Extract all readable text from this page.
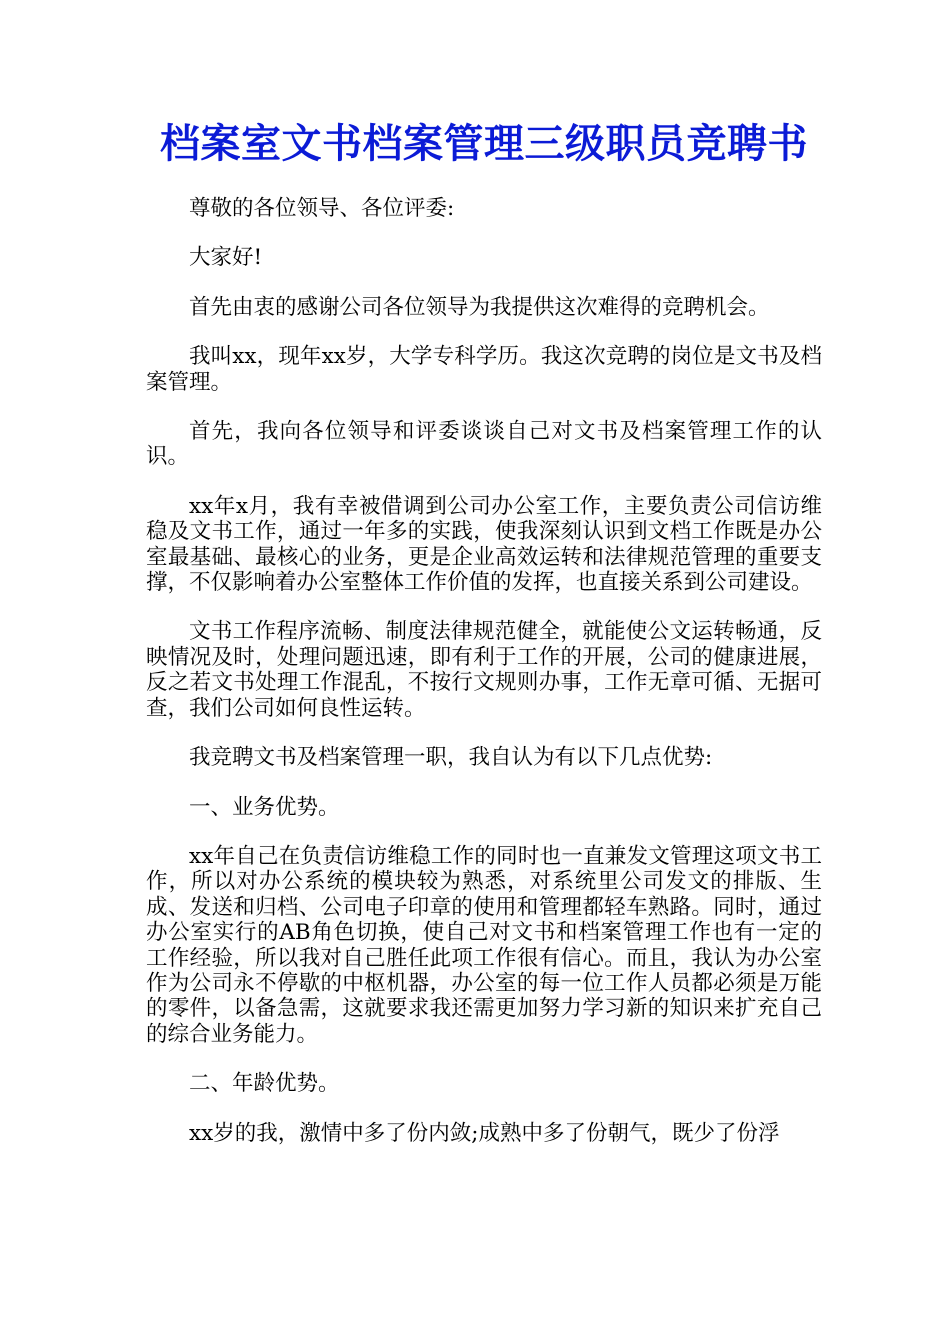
档案室文书档案管理三级职员竞聘书

尊敬的各位领导、各位评委:

大家好!

首先由衷的感谢公司各位领导为我提供这次难得的竞聘机会。

我叫xx，现年xx岁，大学专科学历。我这次竞聘的岗位是文书及档案管理。

首先，我向各位领导和评委谈谈自己对文书及档案管理工作的认识。

xx年x月，我有幸被借调到公司办公室工作，主要负责公司信访维稳及文书工作，通过一年多的实践，使我深刻认识到文档工作既是办公室最基础、最核心的业务，更是企业高效运转和法律规范管理的重要支撑，不仅影响着办公室整体工作价值的发挥，也直接关系到公司建设。

文书工作程序流畅、制度法律规范健全，就能使公文运转畅通，反映情况及时，处理问题迅速，即有利于工作的开展，公司的健康进展，反之若文书处理工作混乱，不按行文规则办事，工作无章可循、无据可查，我们公司如何良性运转。

我竞聘文书及档案管理一职，我自认为有以下几点优势:

一、业务优势。

xx年自己在负责信访维稳工作的同时也一直兼发文管理这项文书工作，所以对办公系统的模块较为熟悉，对系统里公司发文的排版、生成、发送和归档、公司电子印章的使用和管理都轻车熟路。同时，通过办公室实行的AB角色切换，使自己对文书和档案管理工作也有一定的工作经验，所以我对自己胜任此项工作很有信心。而且，我认为办公室作为公司永不停歇的中枢机器，办公室的每一位工作人员都必须是万能的零件，以备急需，这就要求我还需更加努力学习新的知识来扩充自己的综合业务能力。

二、年龄优势。

xx岁的我，激情中多了份内敛;成熟中多了份朝气，既少了份浮
